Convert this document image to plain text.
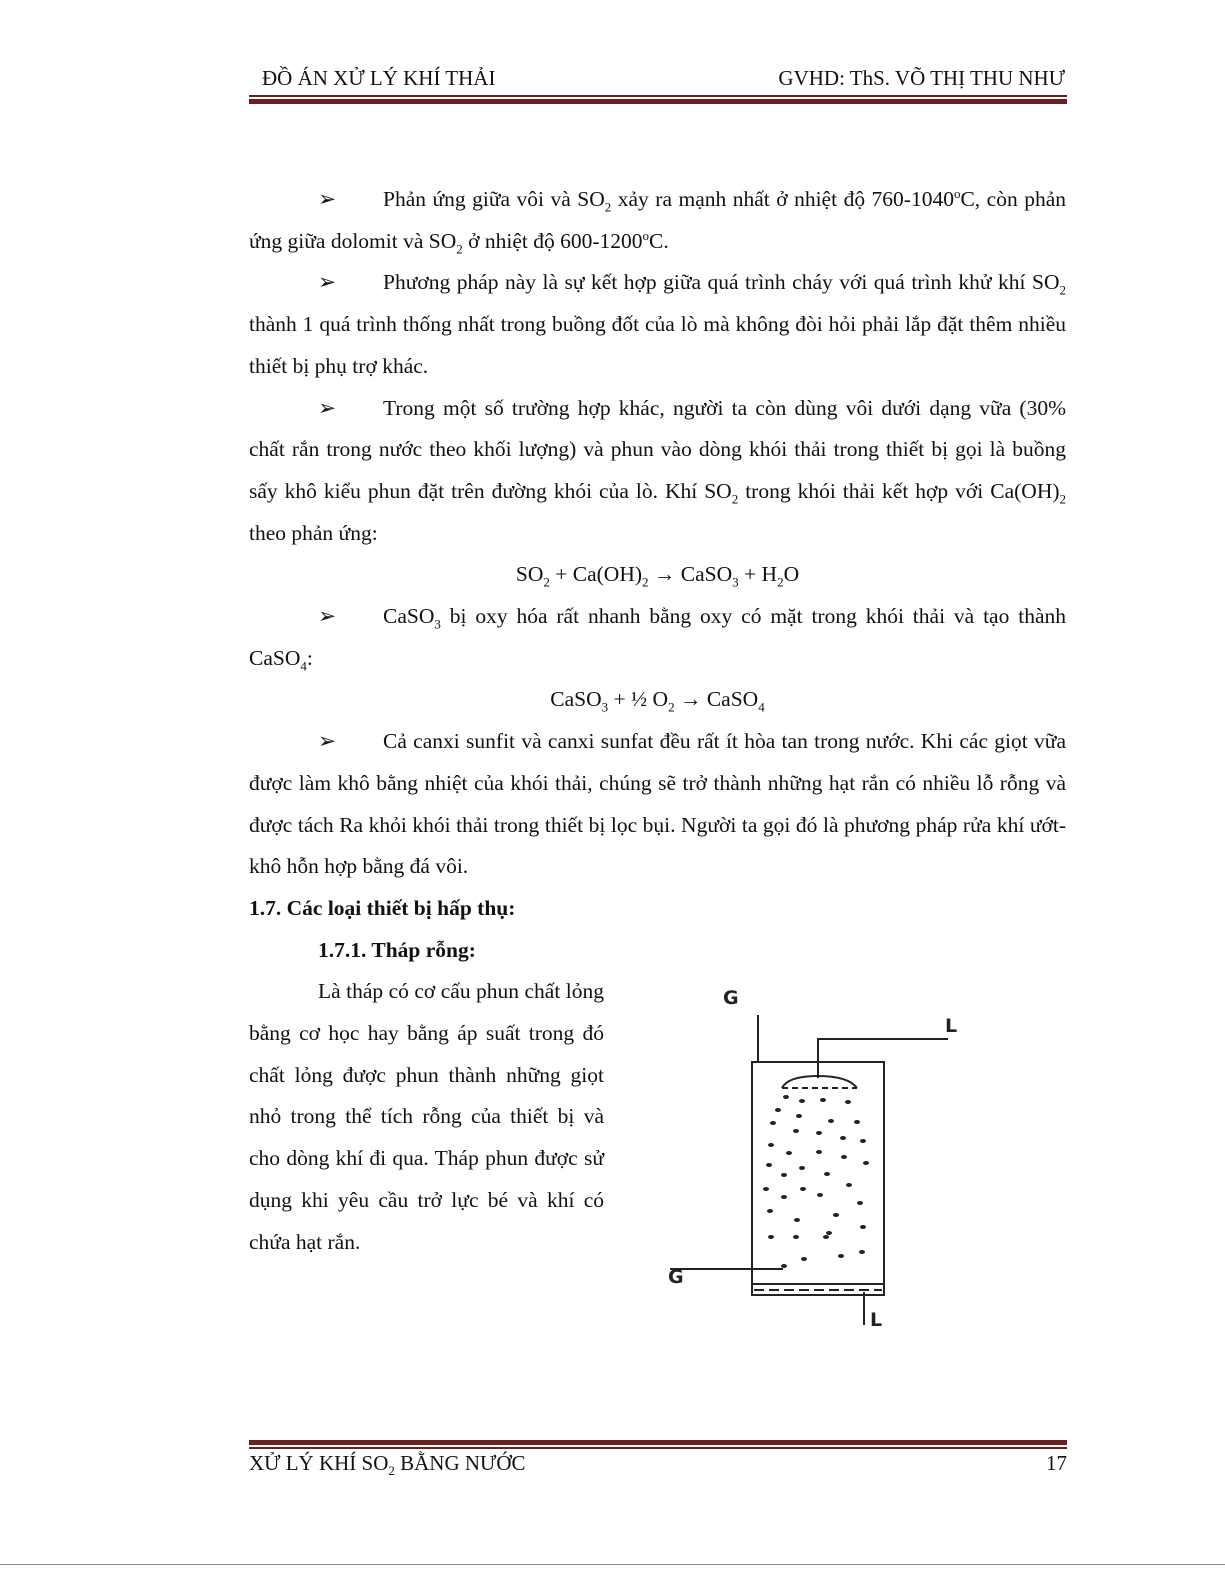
ĐỒ ÁN XỬ LÝ KHÍ THẢI	GVHD: ThS. VÕ THỊ THU NHƯ

➢ Phản ứng giữa vôi và $SO_2$ xảy ra mạnh nhất ở nhiệt độ 760-1040$^o$C, còn phản ứng giữa dolomit và $SO_2$ ở nhiệt độ 600-1200$^o$C.

➢ Phương pháp này là sự kết hợp giữa quá trình cháy với quá trình khử khí $SO_2$ thành 1 quá trình thống nhất trong buồng đốt của lò mà không đòi hỏi phải lắp đặt thêm nhiều thiết bị phụ trợ khác.

➢ Trong một số trường hợp khác, người ta còn dùng vôi dưới dạng vữa (30% chất rắn trong nước theo khối lượng) và phun vào dòng khói thải trong thiết bị gọi là buồng sấy khô kiểu phun đặt trên đường khói của lò. Khí $SO_2$ trong khói thải kết hợp với $Ca(OH)_2$ theo phản ứng:

$SO_2 + Ca(OH)_2$ → CaSO$_3$ + $H_2O$

➢ CaSO$_3$ bị oxy hóa rất nhanh bằng oxy có mặt trong khói thải và tạo thành CaSO$_4$:

CaSO$_3$ + ½ $O_2$ → CaSO$_4$

➢ Cả canxi sunfit và canxi sunfat đều rất ít hòa tan trong nước. Khi các giọt vữa được làm khô bằng nhiệt của khói thải, chúng sẽ trở thành những hạt rắn có nhiều lỗ rỗng và được tách Ra khỏi khói thải trong thiết bị lọc bụi. Người ta gọi đó là phương pháp rửa khí ướt-khô hỗn hợp bằng đá vôi.

1.7. Các loại thiết bị hấp thụ:

1.7.1. Tháp rỗng:

Là tháp có cơ cấu phun chất lỏng bằng cơ học hay bằng áp suất trong đó chất lỏng được phun thành những giọt nhỏ trong thể tích rỗng của thiết bị và cho dòng khí đi qua. Tháp phun được sử dụng khi yêu cầu trở lực bé và khí có chứa hạt rắn.

G
L
G
L
XỬ LÝ KHÍ $SO_2$ BẰNG NƯỚC	17
